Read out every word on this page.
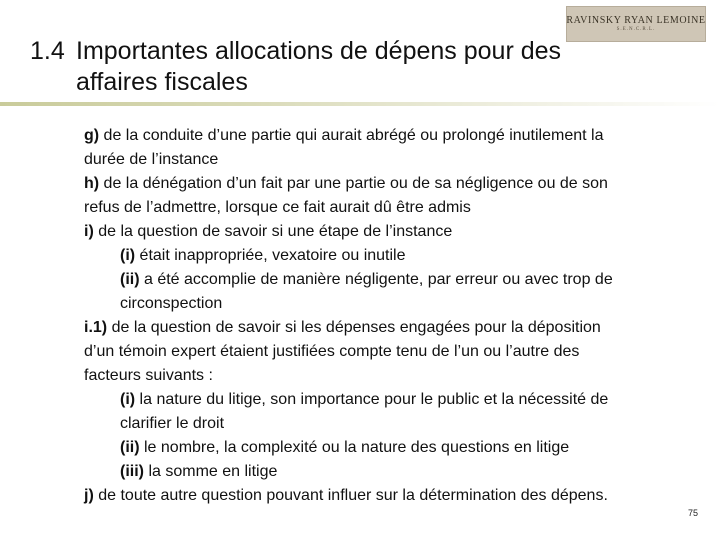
RAVINSKY RYAN LEMOINE
S.E.N.C.R.L.
1.4 Importantes allocations de dépens pour des
affaires fiscales

g) de la conduite d’une partie qui aurait abrégé ou prolongé inutilement la
durée de l’instance

h) de la dénégation d’un fait par une partie ou de sa négligence ou de son
refus de l’admettre, lorsque ce fait aurait dû être admis

i) de la question de savoir si une étape de l’instance

(i) était inappropriée, vexatoire ou inutile

(ii) a été accomplie de manière négligente, par erreur ou avec trop de
circonspection

i.1) de la question de savoir si les dépenses engagées pour la déposition
d’un témoin expert étaient justifiées compte tenu de l’un ou l’autre des
facteurs suivants :

(i) la nature du litige, son importance pour le public et la nécessité de
clarifier le droit

(ii) le nombre, la complexité ou la nature des questions en litige

(iii) la somme en litige

j) de toute autre question pouvant influer sur la détermination des dépens.

75
